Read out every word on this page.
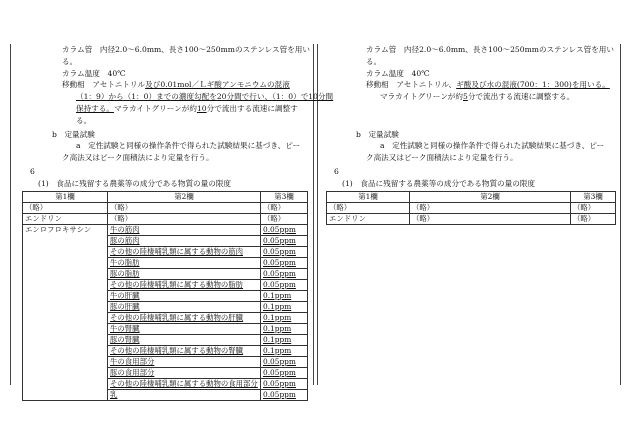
カラム管　内径2.0～6.0mm、長さ100～250mmのステンレス管を用い

る。

カラム温度　40℃

移動相　アセトニトリル及び0.01mol／Ｌギ酸アンモニウムの混液

（1：9）から（1：0）までの濃度勾配を20分間で行い、（1：0）で10分間

保持する。マラカイトグリーンが約10分で流出する流速に調整す

る。

b　定量試験

a　定性試験と同様の操作条件で得られた試験結果に基づき、ピー

ク高法又はピーク面積法により定量を行う。

6

(1)　食品に残留する農薬等の成分である物質の量の限度

第1欄	第2欄	第3欄
（略）	（略）	（略）
エンドリン	（略）	（略）
エンロフロキサシン	牛の筋肉	0.05ppm
	豚の筋肉	0.05ppm
	その他の陸棲哺乳類に属する動物の筋肉	0.05ppm
	牛の脂肪	0.05ppm
	豚の脂肪	0.05ppm
	その他の陸棲哺乳類に属する動物の脂肪	0.05ppm
	牛の肝臓	0.1ppm
	豚の肝臓	0.1ppm
	その他の陸棲哺乳類に属する動物の肝臓	0.1ppm
	牛の腎臓	0.1ppm
	豚の腎臓	0.1ppm
	その他の陸棲哺乳類に属する動物の腎臓	0.1ppm
	牛の食用部分	0.05ppm
	豚の食用部分	0.05ppm
	その他の陸棲哺乳類に属する動物の食用部分	0.05ppm
	乳	0.05ppm

カラム管　内径2.0～6.0mm、長さ100～250mmのステンレス管を用い

る。

カラム温度　40℃

移動相　アセトニトリル、ギ酸及び水の混液(700：1：300)を用いる。

マラカイトグリーンが約5分で流出する流速に調整する。

b　定量試験

a　定性試験と同様の操作条件で得られた試験結果に基づき、ピー

ク高法又はピーク面積法により定量を行う。

6

(1)　食品に残留する農薬等の成分である物質の量の限度

第1欄	第2欄	第3欄
（略）	（略）	（略）
エンドリン	（略）	（略）
